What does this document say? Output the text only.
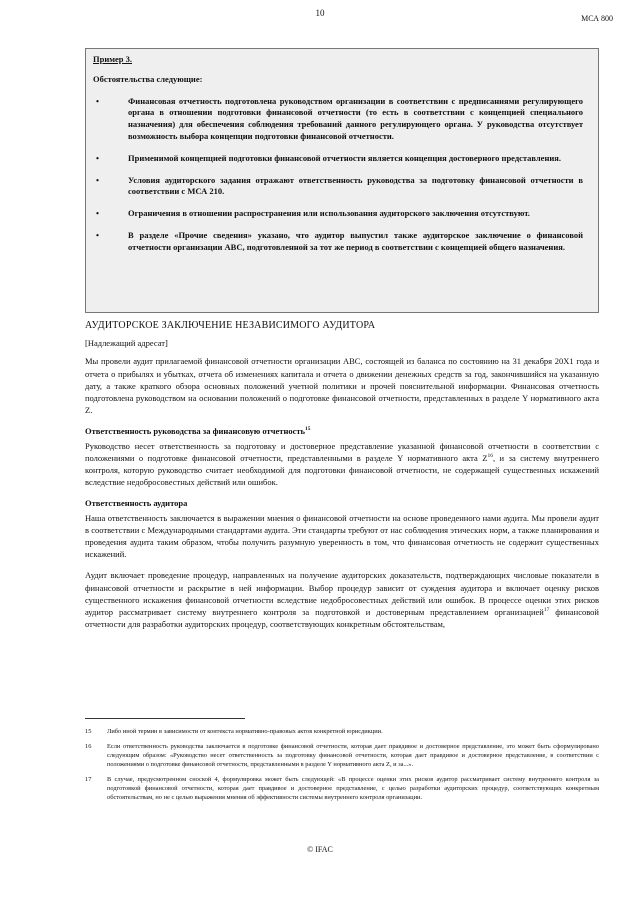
10
МСА 800
Пример 3.
Обстоятельства следующие:
•	Финансовая отчетность подготовлена руководством организации в соответствии с предписаниями регулирующего органа в отношении подготовки финансовой отчетности (то есть в соответствии с концепцией специального назначения) для обеспечения соблюдения требований данного регулирующего органа. У руководства отсутствует возможность выбора концепции подготовки финансовой отчетности.
•	Применимой концепцией подготовки финансовой отчетности является концепция достоверного представления.
•	Условия аудиторского задания отражают ответственность руководства за подготовку финансовой отчетности в соответствии с МСА 210.
•	Ограничения в отношении распространения или использования аудиторского заключения отсутствуют.
•	В разделе «Прочие сведения» указано, что аудитор выпустил также аудиторское заключение о финансовой отчетности организации ABC, подготовленной за тот же период в соответствии с концепцией общего назначения.
АУДИТОРСКОЕ ЗАКЛЮЧЕНИЕ НЕЗАВИСИМОГО АУДИТОРА
[Надлежащий адресат]
Мы провели аудит прилагаемой финансовой отчетности организации ABC, состоящей из баланса по состоянию на 31 декабря 20X1 года и отчета о прибылях и убытках, отчета об изменениях капитала и отчета о движении денежных средств за год, закончившийся на указанную дату, а также краткого обзора основных положений учетной политики и прочей пояснительной информации. Финансовая отчетность подготовлена руководством на основании положений о подготовке финансовой отчетности, представленных в разделе Y нормативного акта Z.
Ответственность руководства за финансовую отчетность$^{15}$
Руководство несет ответственность за подготовку и достоверное представление указанной финансовой отчетности в соответствии с положениями о подготовке финансовой отчетности, представленными в разделе Y нормативного акта $Z^{16}$, и за систему внутреннего контроля, которую руководство считает необходимой для подготовки финансовой отчетности, не содержащей существенных искажений вследствие недобросовестных действий или ошибок.
Ответственность аудитора
Наша ответственность заключается в выражении мнения о финансовой отчетности на основе проведенного нами аудита. Мы провели аудит в соответствии с Международными стандартами аудита. Эти стандарты требуют от нас соблюдения этических норм, а также планирования и проведения аудита таким образом, чтобы получить разумную уверенность в том, что финансовая отчетность не содержит существенных искажений.
Аудит включает проведение процедур, направленных на получение аудиторских доказательств, подтверждающих числовые показатели в финансовой отчетности и раскрытие в ней информации. Выбор процедур зависит от суждения аудитора и включает оценку рисков существенного искажения финансовой отчетности вследствие недобросовестных действий или ошибок. В процессе оценки этих рисков аудитор рассматривает систему внутреннего контроля за подготовкой и достоверным представлением организацией$^{17}$ финансовой отчетности для разработки аудиторских процедур, соответствующих конкретным обстоятельствам,
15 Либо иной термин в зависимости от контекста нормативно-правовых актов конкретной юрисдикции.
16 Если ответственность руководства заключается в подготовке финансовой отчетности, которая дает правдивое и достоверное представление, это может быть сформулировано следующим образом: «Руководство несет ответственность за подготовку финансовой отчетности, которая дает правдивое и достоверное представление, в соответствии с положениями о подготовке финансовой отчетности, представленными в разделе Y нормативного акта Z, и за...».
17 В случае, предусмотренном сноской 4, формулировка может быть следующей: «В процессе оценки этих рисков аудитор рассматривает систему внутреннего контроля за подготовкой финансовой отчетности, которая дает правдивое и достоверное представление, с целью разработки аудиторских процедур, соответствующих конкретным обстоятельствам, но не с целью выражения мнения об эффективности системы внутреннего контроля организации.
© IFAC
